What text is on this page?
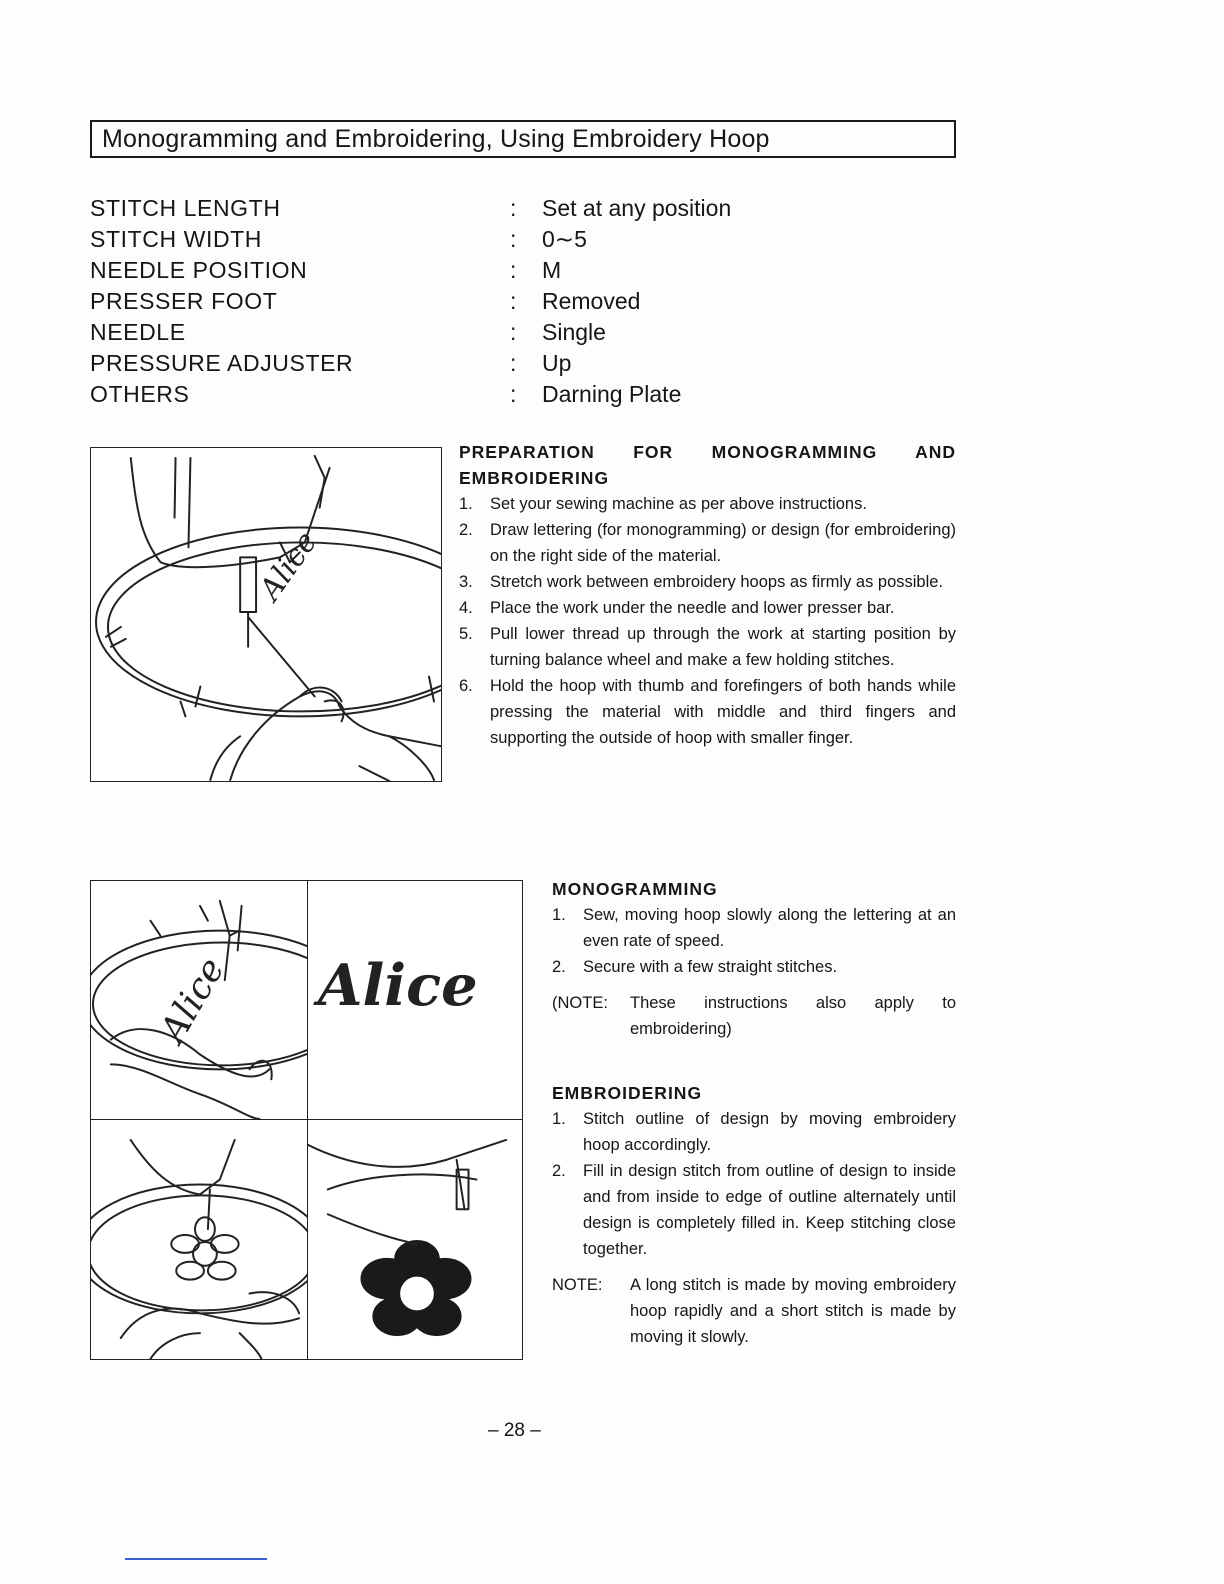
Monogramming and Embroidering, Using Embroidery Hoop
STITCH LENGTH	: Set at any position
STITCH WIDTH	: 0∼5
NEEDLE POSITION	: M
PRESSER FOOT	: Removed
NEEDLE	: Single
PRESSURE ADJUSTER	: Up
OTHERS	: Darning Plate
Alice
PREPARATION FOR MONOGRAMMING AND
EMBROIDERING
1.	Set your sewing machine as per above instructions.
2.	Draw lettering (for monogramming) or design (for embroidering) on the right side of the material.
3.	Stretch work between embroidery hoops as firmly as possible.
4.	Place the work under the needle and lower presser bar.
5.	Pull lower thread up through the work at starting position by turning balance wheel and make a few holding stitches.
6.	Hold the hoop with thumb and forefingers of both hands while pressing the material with middle and third fingers and supporting the outside of hoop with smaller finger.
Alice Alice
MONOGRAMMING
1.	Sew, moving hoop slowly along the lettering at an even rate of speed.
2.	Secure with a few straight stitches.
(NOTE:	These instructions also apply to embroidering)
EMBROIDERING
1.	Stitch outline of design by moving embroidery hoop accordingly.
2.	Fill in design stitch from outline of design to inside and from inside to edge of outline alternately until design is completely filled in. Keep stitching close together.
NOTE:	A long stitch is made by moving embroidery hoop rapidly and a short stitch is made by moving it slowly.
– 28 –
